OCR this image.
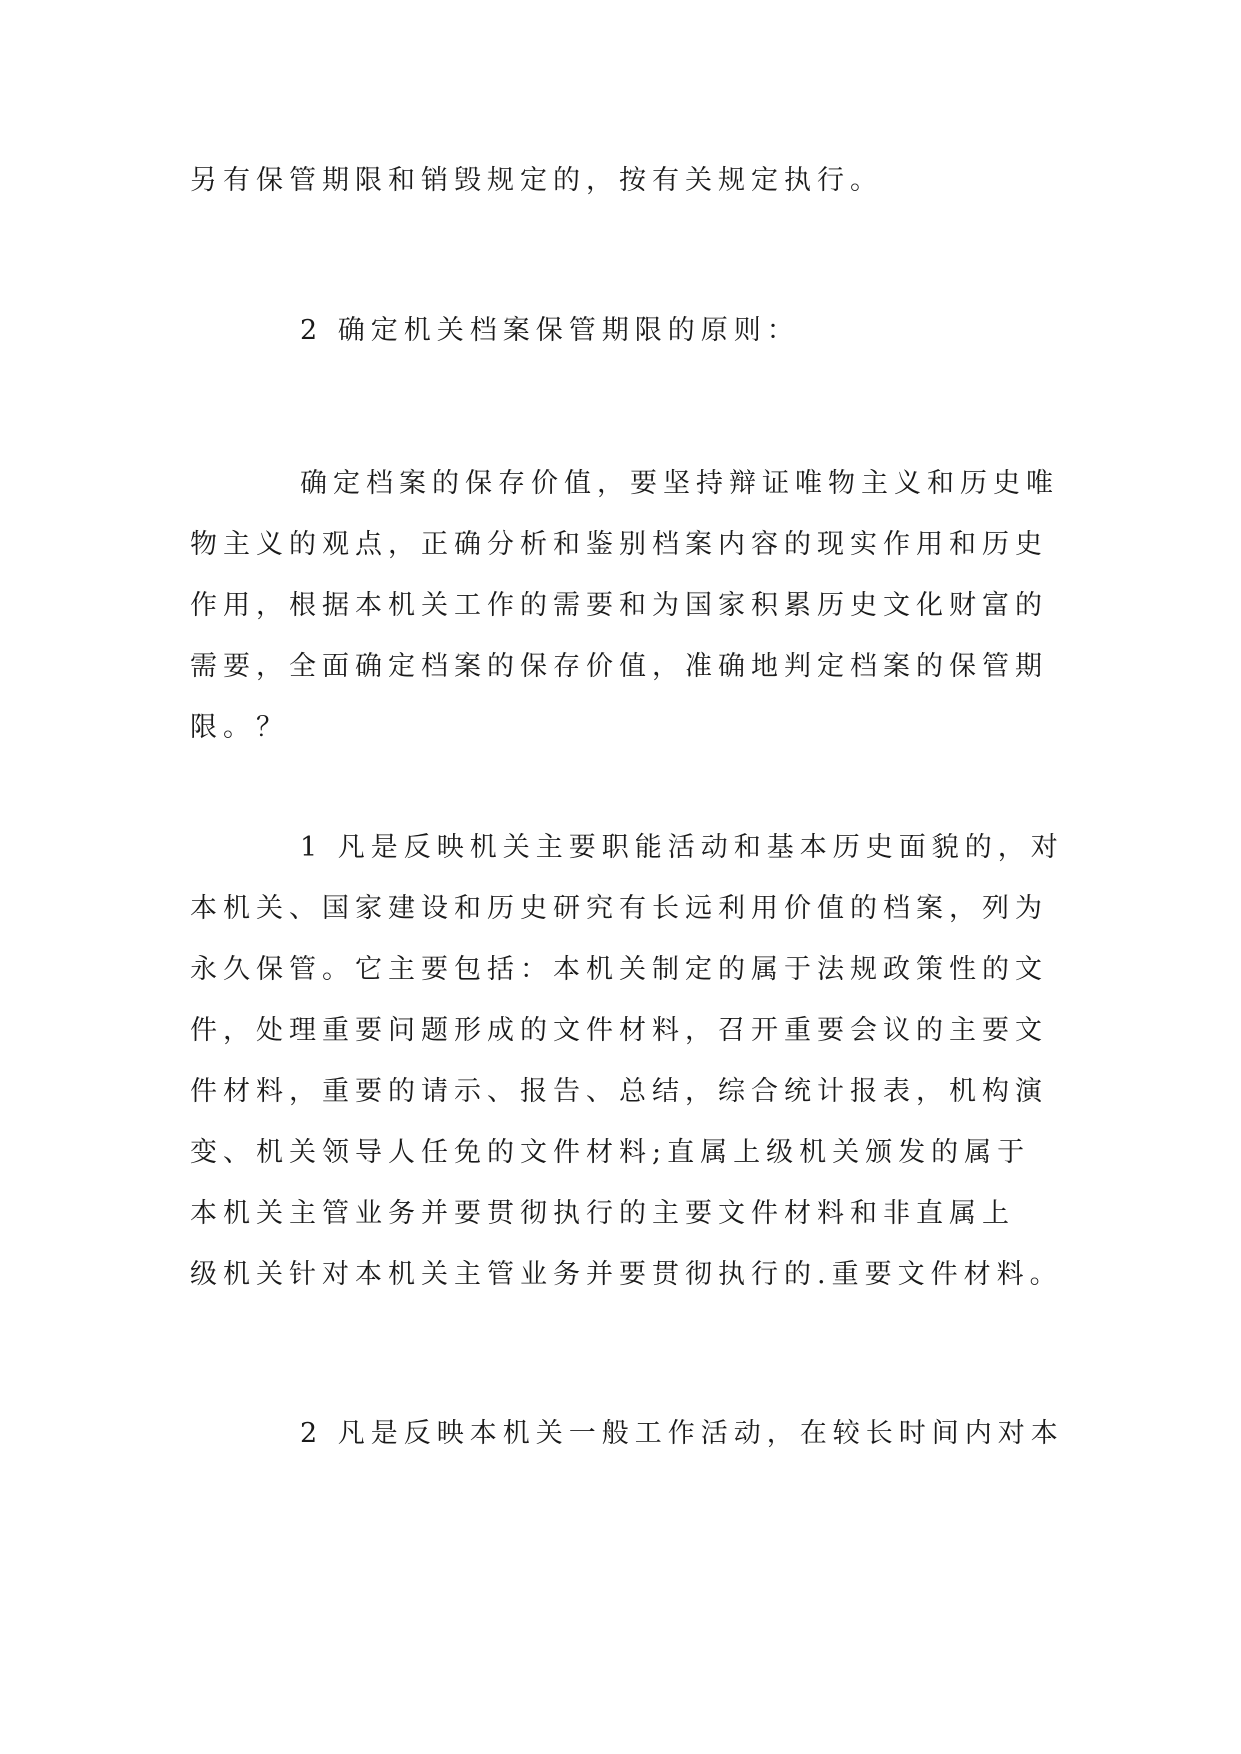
另有保管期限和销毁规定的，按有关规定执行。

2 确定机关档案保管期限的原则：

确定档案的保存价值，要坚持辩证唯物主义和历史唯
物主义的观点，正确分析和鉴别档案内容的现实作用和历史
作用，根据本机关工作的需要和为国家积累历史文化财富的
需要，全面确定档案的保存价值，准确地判定档案的保管期
限。？

1 凡是反映机关主要职能活动和基本历史面貌的，对
本机关、国家建设和历史研究有长远利用价值的档案，列为
永久保管。它主要包括：本机关制定的属于法规政策性的文
件，处理重要问题形成的文件材料，召开重要会议的主要文
件材料，重要的请示、报告、总结，综合统计报表，机构演
变、机关领导人任免的文件材料;直属上级机关颁发的属于
本机关主管业务并要贯彻执行的主要文件材料和非直属上
级机关针对本机关主管业务并要贯彻执行的.重要文件材料。

2 凡是反映本机关一般工作活动，在较长时间内对本
